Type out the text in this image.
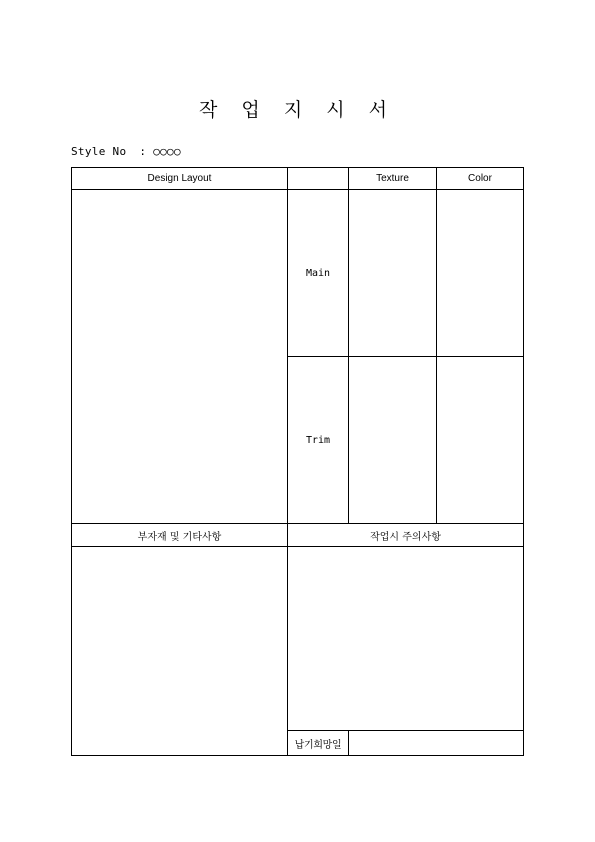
작 업 지 시 서
Style No : ○○○○
Design Layout		Texture	Color
	Main		
	Trim		
부자재 및 기타사항	작업시 주의사항		

	납기희망일		
